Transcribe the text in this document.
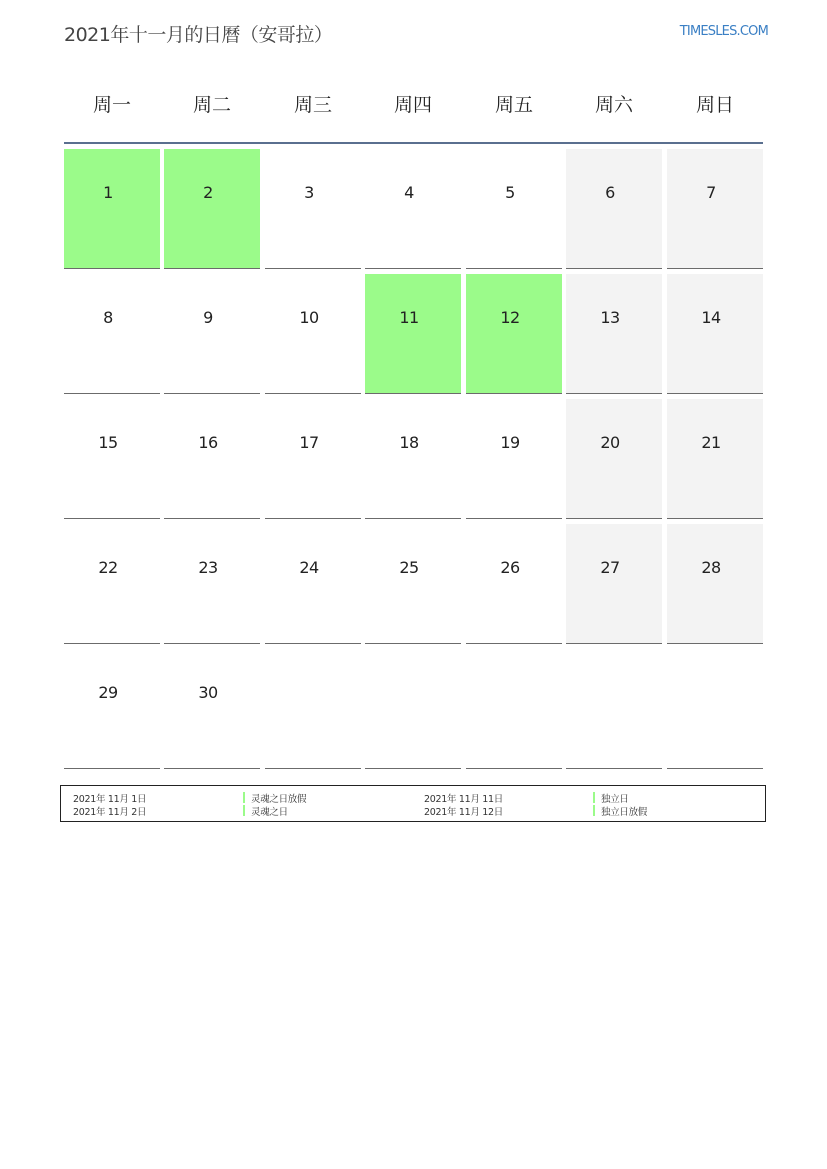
2021年十一月的日曆（安哥拉）	TIMESLES.COM
周一	周二	周三	周四	周五	周六	周日
1	2	3	4	5	6	7
8	9	10	11	12	13	14
15	16	17	18	19	20	21
22	23	24	25	26	27	28
29	30
2021年 11月 1日	灵魂之日放假
2021年 11月 2日	灵魂之日
2021年 11月 11日	独立日
2021年 11月 12日	独立日放假
